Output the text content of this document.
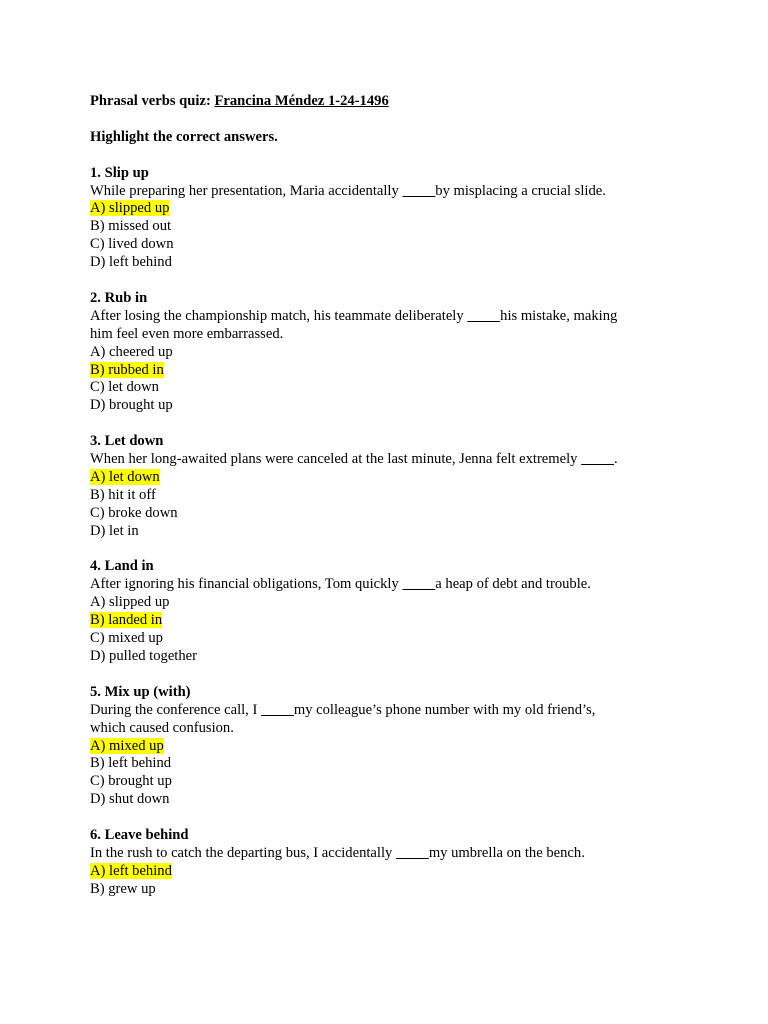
Phrasal verbs quiz: Francina Méndez 1-24-1496
Highlight the correct answers.
1. Slip up
While preparing her presentation, Maria accidentally          by misplacing a crucial slide.
A) slipped up
B) missed out
C) lived down
D) left behind
2. Rub in
After losing the championship match, his teammate deliberately          his mistake, making
him feel even more embarrassed.
A) cheered up
B) rubbed in
C) let down
D) brought up
3. Let down
When her long-awaited plans were canceled at the last minute, Jenna felt extremely          .
A) let down
B) hit it off
C) broke down
D) let in
4. Land in
After ignoring his financial obligations, Tom quickly          a heap of debt and trouble.
A) slipped up
B) landed in
C) mixed up
D) pulled together
5. Mix up (with)
During the conference call, I          my colleague’s phone number with my old friend’s,
which caused confusion.
A) mixed up
B) left behind
C) brought up
D) shut down
6. Leave behind
In the rush to catch the departing bus, I accidentally          my umbrella on the bench.
A) left behind
B) grew up
